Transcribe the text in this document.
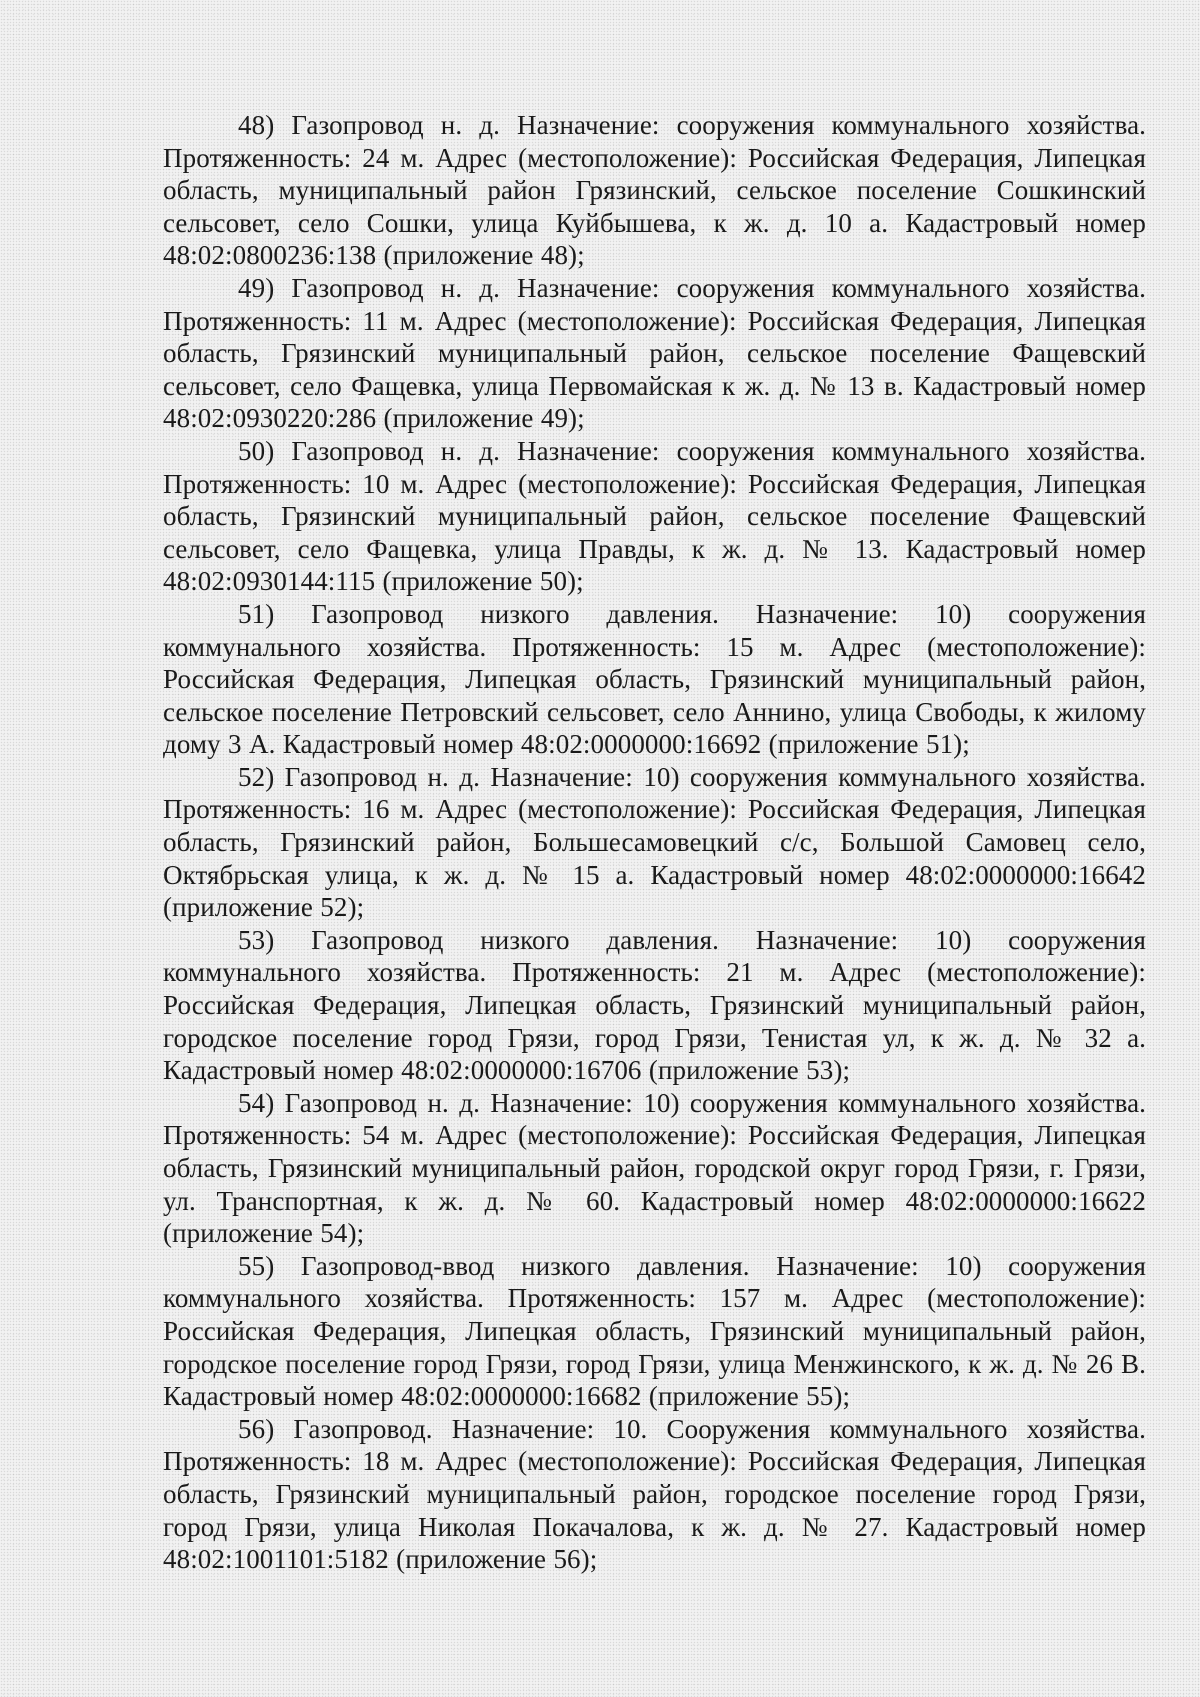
48) Газопровод н. д. Назначение: сооружения коммунального хозяйства. Протяженность: 24 м. Адрес (местоположение): Российская Федерация, Липецкая область, муниципальный район Грязинский, сельское поселение Сошкинский сельсовет, село Сошки, улица Куйбышева, к ж. д. 10 а. Кадастровый номер 48:02:0800236:138 (приложение 48);

49) Газопровод н. д. Назначение: сооружения коммунального хозяйства. Протяженность: 11 м. Адрес (местоположение): Российская Федерация, Липецкая область, Грязинский муниципальный район, сельское поселение Фащевский сельсовет, село Фащевка, улица Первомайская к ж. д. № 13 в. Кадастровый номер 48:02:0930220:286 (приложение 49);

50) Газопровод н. д. Назначение: сооружения коммунального хозяйства. Протяженность: 10 м. Адрес (местоположение): Российская Федерация, Липецкая область, Грязинский муниципальный район, сельское поселение Фащевский сельсовет, село Фащевка, улица Правды, к ж. д. № 13. Кадастровый номер 48:02:0930144:115 (приложение 50);

51) Газопровод низкого давления. Назначение: 10) сооружения коммунального хозяйства. Протяженность: 15 м. Адрес (местоположение): Российская Федерация, Липецкая область, Грязинский муниципальный район, сельское поселение Петровский сельсовет, село Аннино, улица Свободы, к жилому дому 3 А. Кадастровый номер 48:02:0000000:16692 (приложение 51);

52) Газопровод н. д. Назначение: 10) сооружения коммунального хозяйства. Протяженность: 16 м. Адрес (местоположение): Российская Федерация, Липецкая область, Грязинский район, Большесамовецкий с/с, Большой Самовец село, Октябрьская улица, к ж. д. № 15 а. Кадастровый номер 48:02:0000000:16642 (приложение 52);

53) Газопровод низкого давления. Назначение: 10) сооружения коммунального хозяйства. Протяженность: 21 м. Адрес (местоположение): Российская Федерация, Липецкая область, Грязинский муниципальный район, городское поселение город Грязи, город Грязи, Тенистая ул, к ж. д. № 32 а. Кадастровый номер 48:02:0000000:16706 (приложение 53);

54) Газопровод н. д. Назначение: 10) сооружения коммунального хозяйства. Протяженность: 54 м. Адрес (местоположение): Российская Федерация, Липецкая область, Грязинский муниципальный район, городской округ город Грязи, г. Грязи, ул. Транспортная, к ж. д. № 60. Кадастровый номер 48:02:0000000:16622 (приложение 54);

55) Газопровод-ввод низкого давления. Назначение: 10) сооружения коммунального хозяйства. Протяженность: 157 м. Адрес (местоположение): Российская Федерация, Липецкая область, Грязинский муниципальный район, городское поселение город Грязи, город Грязи, улица Менжинского, к ж. д. № 26 В. Кадастровый номер 48:02:0000000:16682 (приложение 55);

56) Газопровод. Назначение: 10. Сооружения коммунального хозяйства. Протяженность: 18 м. Адрес (местоположение): Российская Федерация, Липецкая область, Грязинский муниципальный район, городское поселение город Грязи, город Грязи, улица Николая Покачалова, к ж. д. № 27. Кадастровый номер 48:02:1001101:5182 (приложение 56);
